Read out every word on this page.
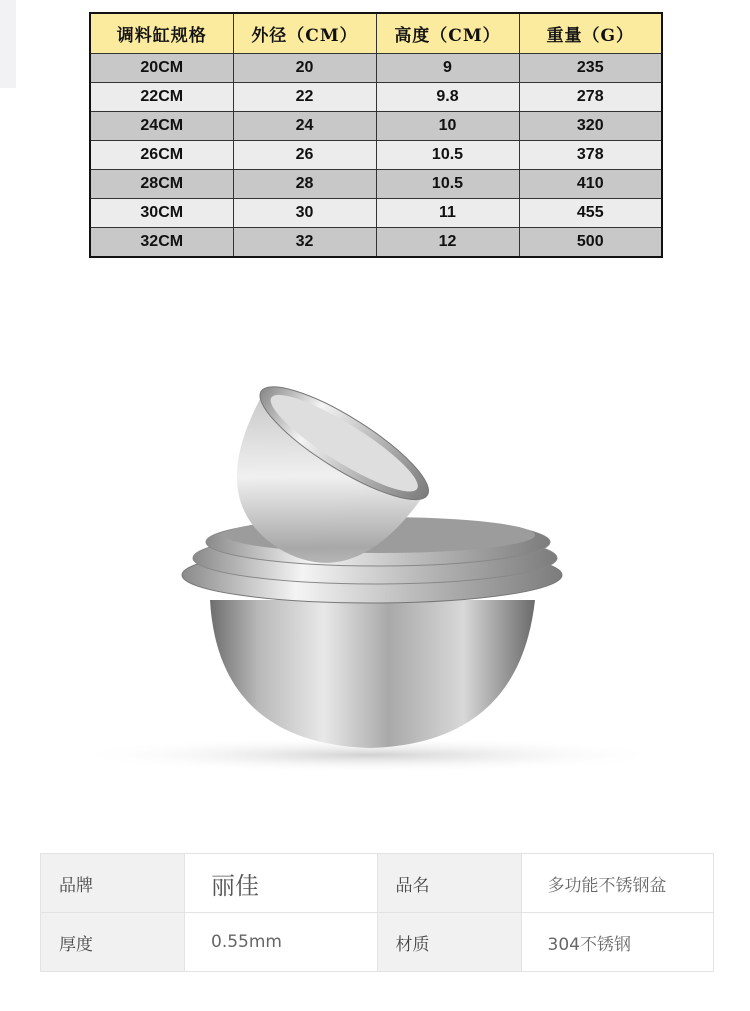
调料缸规格	外径（CM）	高度（CM）	重量（G）
20CM	20	9	235
22CM	22	9.8	278
24CM	24	10	320
26CM	26	10.5	378
28CM	28	10.5	410
30CM	30	11	455
32CM	32	12	500
品牌	丽佳	品名	多功能不锈钢盆
厚度	0.55mm	材质	304不锈钢
